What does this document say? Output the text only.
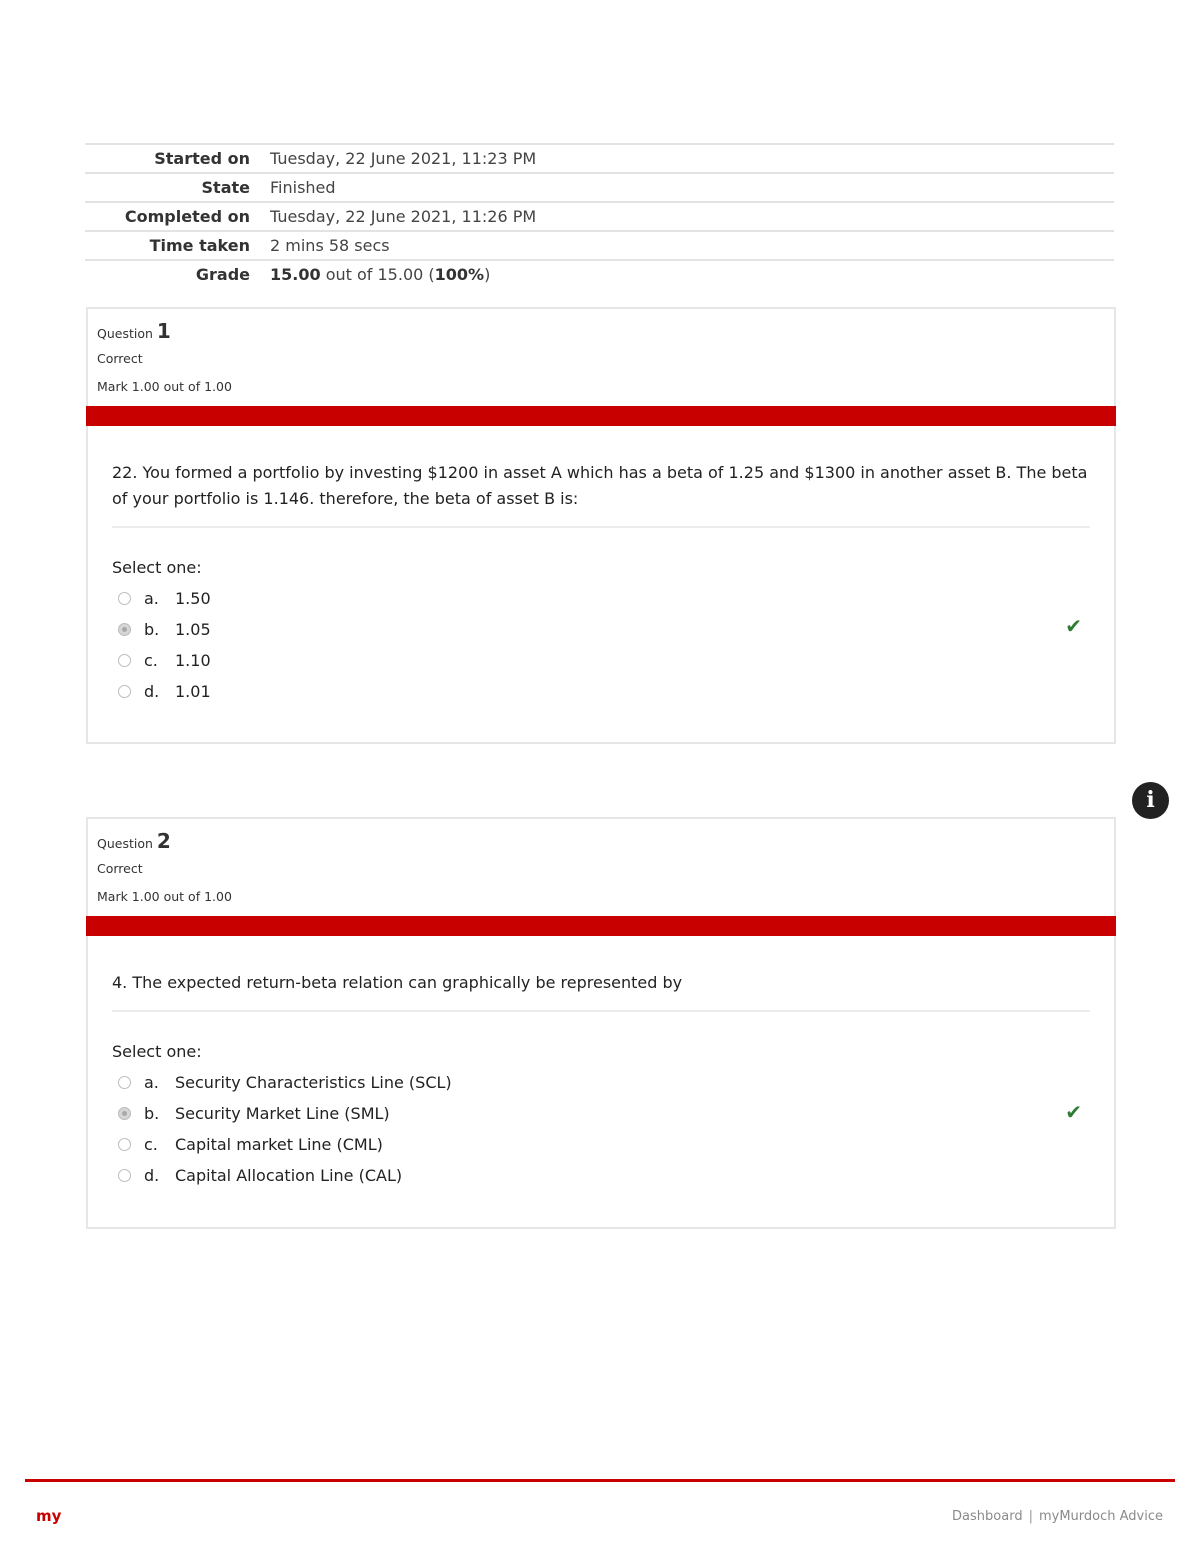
Started on	Tuesday, 22 June 2021, 11:23 PM
State	Finished
Completed on	Tuesday, 22 June 2021, 11:26 PM
Time taken	2 mins 58 secs
Grade	15.00 out of 15.00 (100%)
Question 1
Correct
Mark 1.00 out of 1.00
22. You formed a portfolio by investing $1200 in asset A which has a beta of 1.25 and $1300 in another asset B. The beta of your portfolio is 1.146. therefore, the beta of asset B is:
Select one:
a.	1.50
b. 1.05
c.	1.10
d. 1.01
✔
i
Question 2
Correct
Mark 1.00 out of 1.00
4. The expected return-beta relation can graphically be represented by
Select one:
a.	Security Characteristics Line (SCL)
b. Security Market Line (SML)
c.	Capital market Line (CML)
d. Capital Allocation Line (CAL)
✔
my	Dashboard | myMurdoch Advice
